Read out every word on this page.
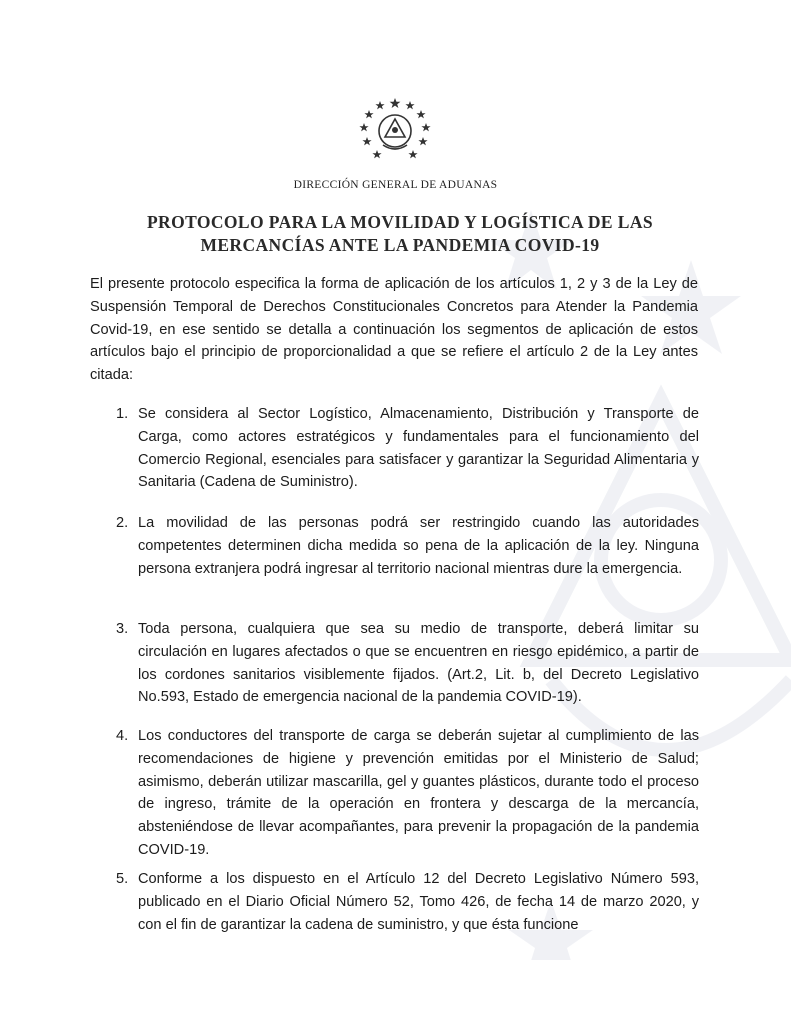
DIRECCIÓN GENERAL DE ADUANAS
PROTOCOLO PARA LA MOVILIDAD Y LOGÍSTICA DE LAS
MERCANCÍAS ANTE LA PANDEMIA COVID-19

El presente protocolo especifica la forma de aplicación de los artículos 1, 2 y 3 de la Ley de Suspensión Temporal de Derechos Constitucionales Concretos para Atender la Pandemia Covid-19, en ese sentido se detalla a continuación los segmentos de aplicación de estos artículos bajo el principio de proporcionalidad a que se refiere el artículo 2 de la Ley antes citada:

1. Se considera al Sector Logístico, Almacenamiento, Distribución y Transporte de Carga, como actores estratégicos y fundamentales para el funcionamiento del Comercio Regional, esenciales para satisfacer y garantizar la Seguridad Alimentaria y Sanitaria (Cadena de Suministro).
2. La movilidad de las personas podrá ser restringido cuando las autoridades competentes determinen dicha medida so pena de la aplicación de la ley. Ninguna persona extranjera podrá ingresar al territorio nacional mientras dure la emergencia.
3. Toda persona, cualquiera que sea su medio de transporte, deberá limitar su circulación en lugares afectados o que se encuentren en riesgo epidémico, a partir de los cordones sanitarios visiblemente fijados. (Art.2, Lit. b, del Decreto Legislativo No.593, Estado de emergencia nacional de la pandemia COVID-19).
4. Los conductores del transporte de carga se deberán sujetar al cumplimiento de las recomendaciones de higiene y prevención emitidas por el Ministerio de Salud; asimismo, deberán utilizar mascarilla, gel y guantes plásticos, durante todo el proceso de ingreso, trámite de la operación en frontera y descarga de la mercancía, absteniéndose de llevar acompañantes, para prevenir la propagación de la pandemia COVID-19.
5. Conforme a los dispuesto en el Artículo 12 del Decreto Legislativo Número 593, publicado en el Diario Oficial Número 52, Tomo 426, de fecha 14 de marzo 2020, y con el fin de garantizar la cadena de suministro, y que ésta funcione
